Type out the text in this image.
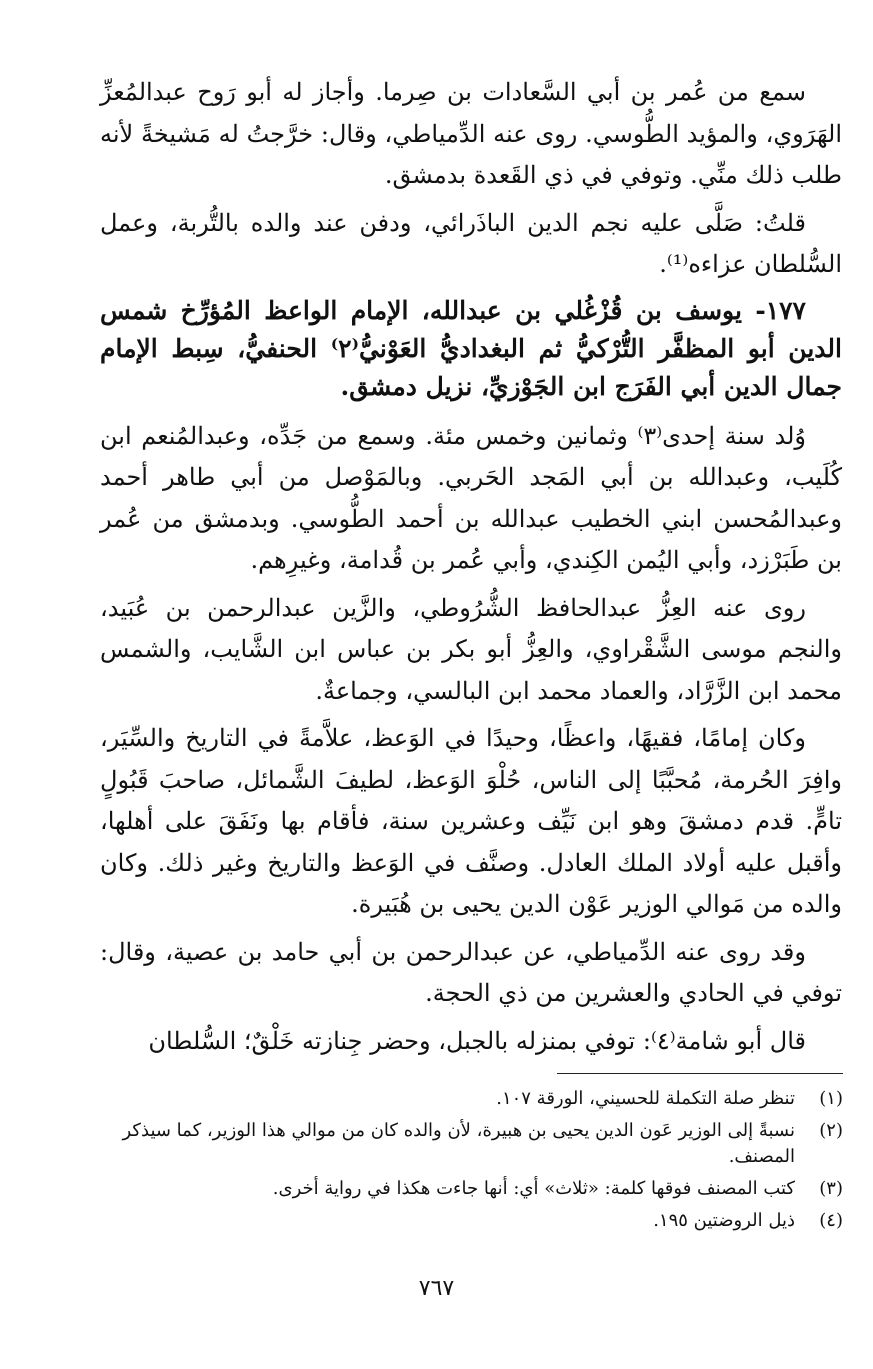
سمع من عُمر بن أبي السَّعادات بن صِرما. وأجاز له أبو رَوح عبدالمُعزِّ الهَرَوي، والمؤيد الطُّوسي. روى عنه الدِّمياطي، وقال: خرَّجتُ له مَشيخةً لأنه طلب ذلك منِّي. وتوفي في ذي القَعدة بدمشق.

قلتُ: صَلَّى عليه نجم الدين الباذَرائي، ودفن عند والده بالتُّربة، وعمل السُّلطان عزاءه⁽¹⁾.

١٧٧- يوسف بن قُزْغُلي بن عبدالله، الإمام الواعظ المُؤرِّخ شمس الدين أبو المظفَّر التُّرْكيُّ ثم البغداديُّ العَوْنيُّ⁽٢⁾ الحنفيُّ، سِبط الإمام جمال الدين أبي الفَرَج ابن الجَوْزيِّ، نزيل دمشق.

وُلد سنة إحدى⁽٣⁾ وثمانين وخمس مئة. وسمع من جَدِّه، وعبدالمُنعم ابن كُلَيب، وعبدالله بن أبي المَجد الحَربي. وبالمَوْصل من أبي طاهر أحمد وعبدالمُحسن ابني الخطيب عبدالله بن أحمد الطُّوسي. وبدمشق من عُمر بن طَبَرْزد، وأبي اليُمن الكِندي، وأبي عُمر بن قُدامة، وغيرِهم.

روى عنه العِزُّ عبدالحافظ الشُّرُوطي، والزَّين عبدالرحمن بن عُبَيد، والنجم موسى الشَّقْراوي، والعِزُّ أبو بكر بن عباس ابن الشَّايب، والشمس محمد ابن الزَّرَّاد، والعماد محمد ابن البالسي، وجماعةٌ.

وكان إمامًا، فقيهًا، واعظًا، وحيدًا في الوَعظ، علاَّمةً في التاريخ والسِّيَر، وافِرَ الحُرمة، مُحبَّبًا إلى الناس، حُلْوَ الوَعظ، لطيفَ الشَّمائل، صاحبَ قَبُولٍ تامٍّ. قدم دمشقَ وهو ابن نَيِّف وعشرين سنة، فأقام بها ونَفَقَ على أهلها، وأقبل عليه أولاد الملك العادل. وصنَّف في الوَعظ والتاريخ وغير ذلك. وكان والده من مَوالي الوزير عَوْن الدين يحيى بن هُبَيرة.

وقد روى عنه الدِّمياطي، عن عبدالرحمن بن أبي حامد بن عصية، وقال: توفي في الحادي والعشرين من ذي الحجة.

قال أبو شامة⁽٤⁾: توفي بمنزله بالجبل، وحضر جِنازته خَلْقٌ؛ السُّلطان

(١)
تنظر صلة التكملة للحسيني، الورقة ١٠٧.
(٢)
نسبةً إلى الوزير عَون الدين يحيى بن هبيرة، لأن والده كان من موالي هذا الوزير، كما سيذكر المصنف.
(٣)
كتب المصنف فوقها كلمة: «ثلاث» أي: أنها جاءت هكذا في رواية أخرى.
(٤)
ذيل الروضتين ١٩٥.
٧٦٧
